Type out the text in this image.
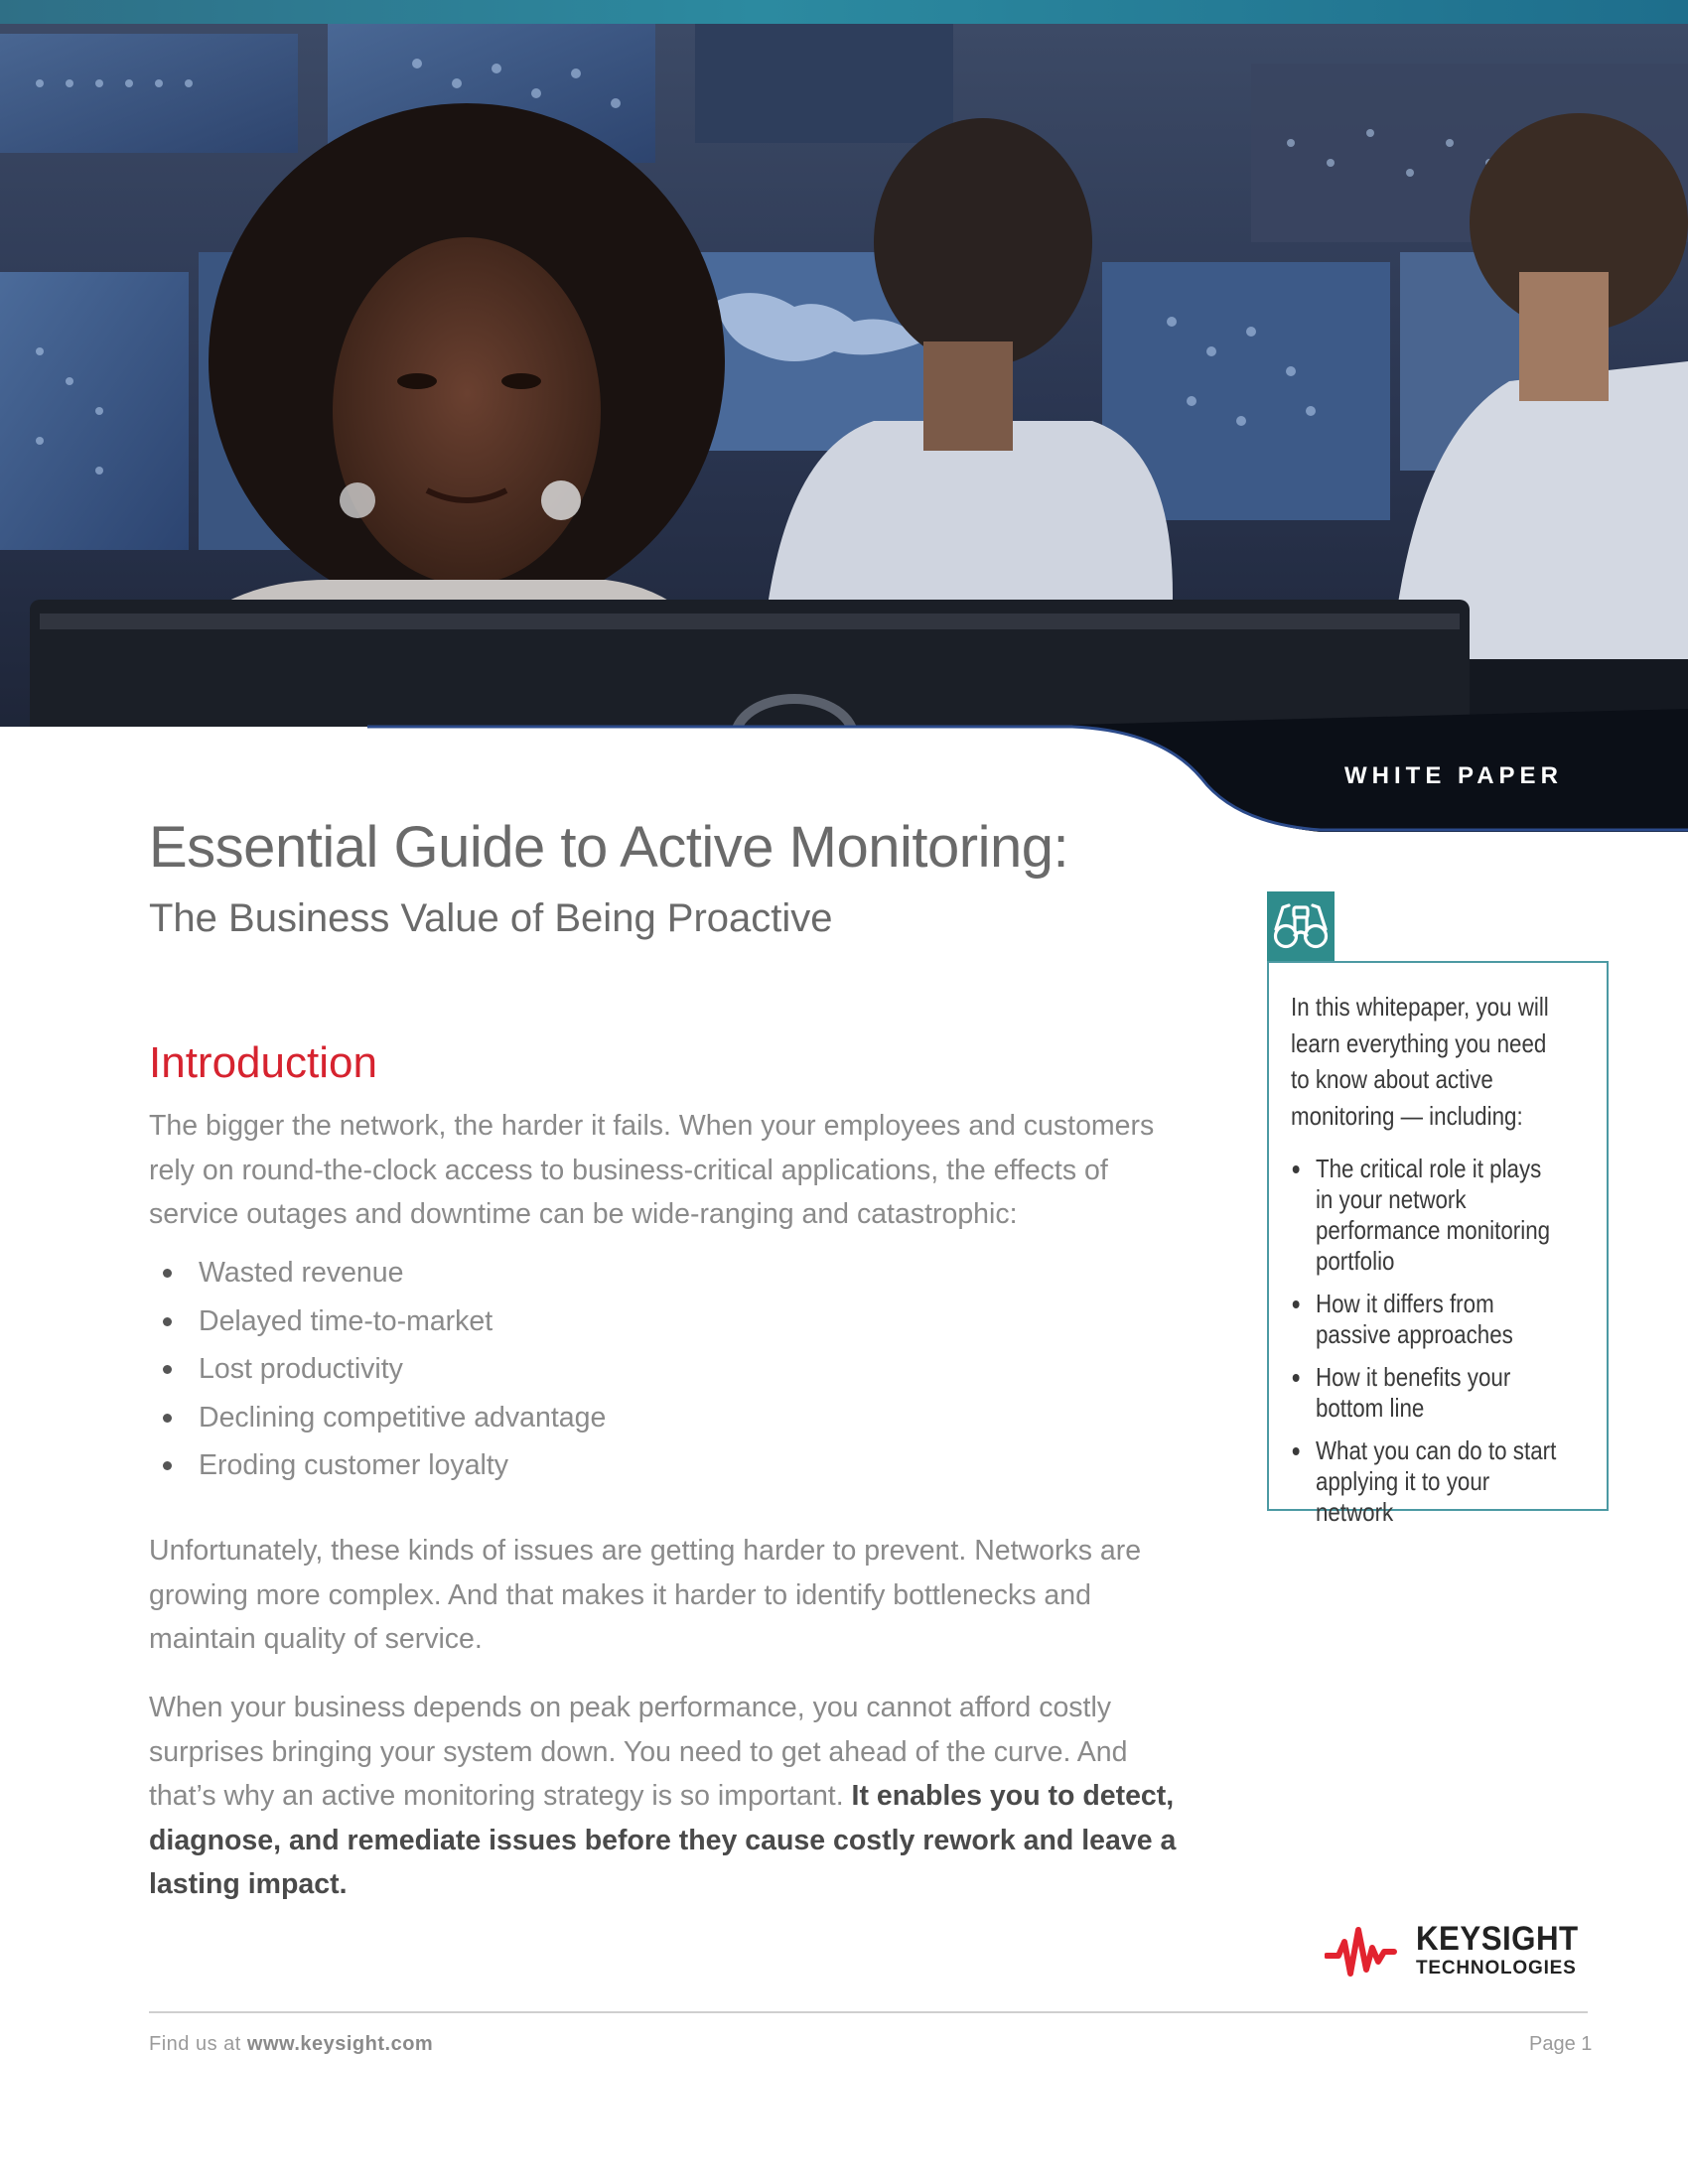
WHITE PAPER
Essential Guide to Active Monitoring:
The Business Value of Being Proactive
Introduction

The bigger the network, the harder it fails. When your employees and customers rely on round-the-clock access to business-critical applications, the effects of service outages and downtime can be wide-ranging and catastrophic:

Wasted revenue
Delayed time-to-market
Lost productivity
Declining competitive advantage
Eroding customer loyalty

Unfortunately, these kinds of issues are getting harder to prevent. Networks are growing more complex. And that makes it harder to identify bottlenecks and maintain quality of service.

When your business depends on peak performance, you cannot afford costly surprises bringing your system down. You need to get ahead of the curve. And that’s why an active monitoring strategy is so important. It enables you to detect, diagnose, and remediate issues before they cause costly rework and leave a lasting impact.

In this whitepaper, you will learn everything you need to know about active monitoring — including:

The critical role it plays in your network performance monitoring portfolio
How it differs from passive approaches
How it benefits your bottom line
What you can do to start applying it to your network
KEYSIGHT
TECHNOLOGIES
Find us at www.keysight.com	Page 1
